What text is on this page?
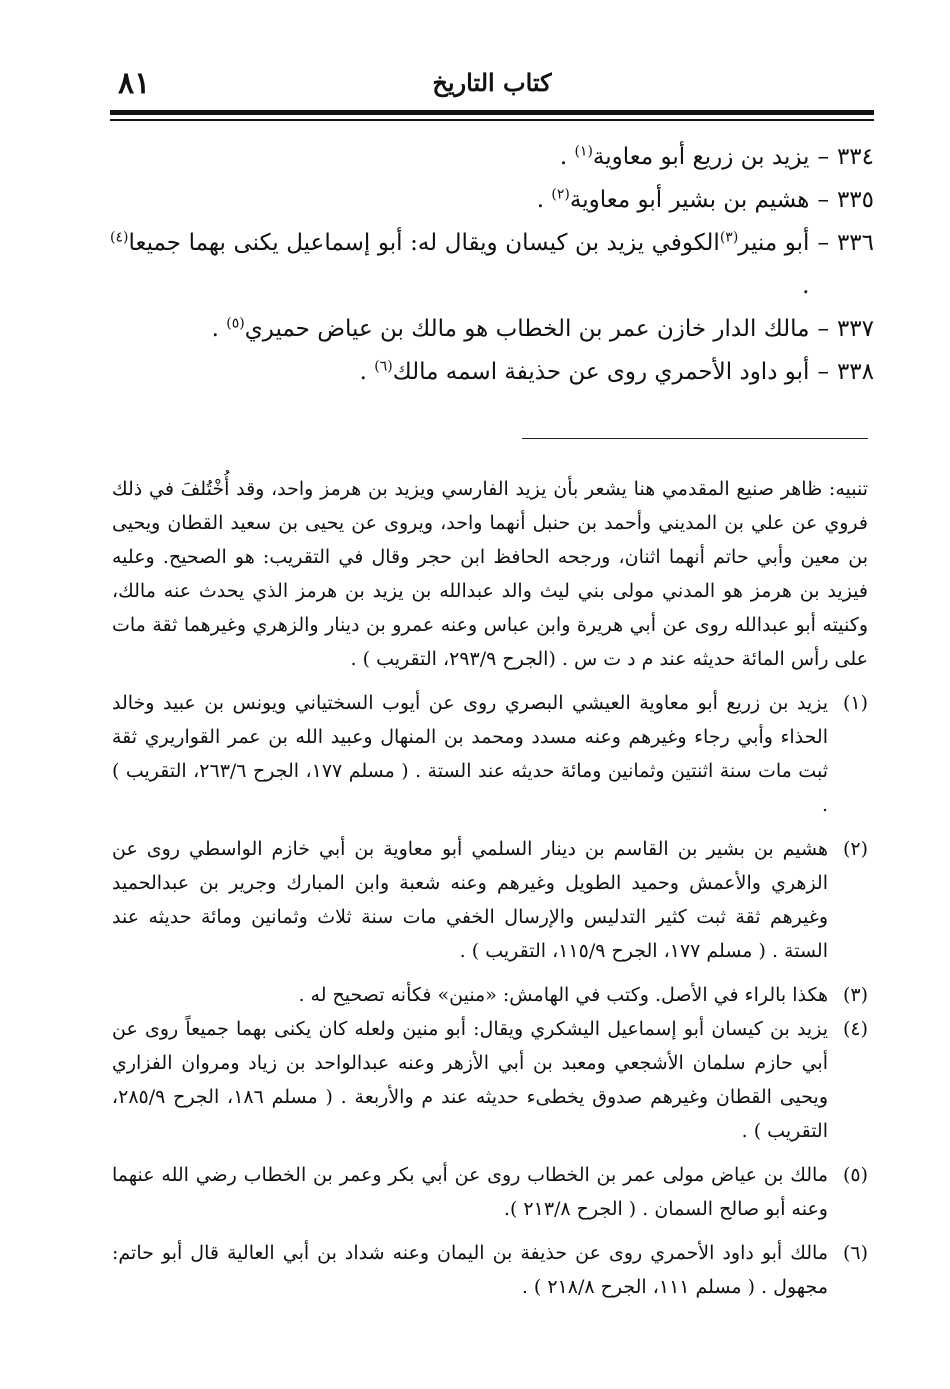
٨١	كتاب التاريخ
٣٣٤
–
يزيد بن زريع أبو معاوية$^{(١)}$ .
٣٣٥
–
هشيم بن بشير أبو معاوية$^{(٢)}$ .
٣٣٦
–
أبو منير$^{(٣)}$الكوفي يزيد بن كيسان ويقال له: أبو إسماعيل يكنى بهما جميعا$^{(٤)}$ .
٣٣٧
–
مالك الدار خازن عمر بن الخطاب هو مالك بن عياض حميري$^{(٥)}$ .
٣٣٨
–
أبو داود الأحمري روى عن حذيفة اسمه مالك$^{(٦)}$ .
تنبيه: ظاهر صنيع المقدمي هنا يشعر بأن يزيد الفارسي ويزيد بن هرمز واحد، وقد أُخْتُلفَ في ذلك فروي عن علي بن المديني وأحمد بن حنبل أنهما واحد، ويروى عن يحيى بن سعيد القطان ويحيى بن معين وأبي حاتم أنهما اثنان، ورجحه الحافظ ابن حجر وقال في التقريب: هو الصحيح. وعليه فيزيد بن هرمز هو المدني مولى بني ليث والد عبدالله بن يزيد بن هرمز الذي يحدث عنه مالك، وكنيته أبو عبدالله روى عن أبي هريرة وابن عباس وعنه عمرو بن دينار والزهري وغيرهما ثقة مات على رأس المائة حديثه عند م د ت س . (الجرح ٢٩٣/٩، التقريب ) .
(١)
يزيد بن زريع أبو معاوية العيشي البصري روى عن أيوب السختياني ويونس بن عبيد وخالد الحذاء وأبي رجاء وغيرهم وعنه مسدد ومحمد بن المنهال وعبيد الله بن عمر القواريري ثقة ثبت مات سنة اثنتين وثمانين ومائة حديثه عند الستة . ( مسلم ١٧٧، الجرح ٢٦٣/٦، التقريب ) .
(٢)
هشيم بن بشير بن القاسم بن دينار السلمي أبو معاوية بن أبي خازم الواسطي روى عن الزهري والأعمش وحميد الطويل وغيرهم وعنه شعبة وابن المبارك وجرير بن عبدالحميد وغيرهم ثقة ثبت كثير التدليس والإرسال الخفي مات سنة ثلاث وثمانين ومائة حديثه عند الستة . ( مسلم ١٧٧، الجرح ١١٥/٩، التقريب ) .
(٣)
هكذا بالراء في الأصل. وكتب في الهامش: «منين» فكأنه تصحيح له .
(٤)
يزيد بن كيسان أبو إسماعيل اليشكري ويقال: أبو منين ولعله كان يكنى بهما جميعاً روى عن أبي حازم سلمان الأشجعي ومعبد بن أبي الأزهر وعنه عبدالواحد بن زياد ومروان الفزاري ويحيى القطان وغيرهم صدوق يخطىء حديثه عند م والأربعة . ( مسلم ١٨٦، الجرح ٢٨٥/٩، التقريب ) .
(٥)
مالك بن عياض مولى عمر بن الخطاب روى عن أبي بكر وعمر بن الخطاب رضي الله عنهما وعنه أبو صالح السمان . ( الجرح ٢١٣/٨ ).
(٦)
مالك أبو داود الأحمري روى عن حذيفة بن اليمان وعنه شداد بن أبي العالية قال أبو حاتم: مجهول . ( مسلم ١١١، الجرح ٢١٨/٨ ) .
